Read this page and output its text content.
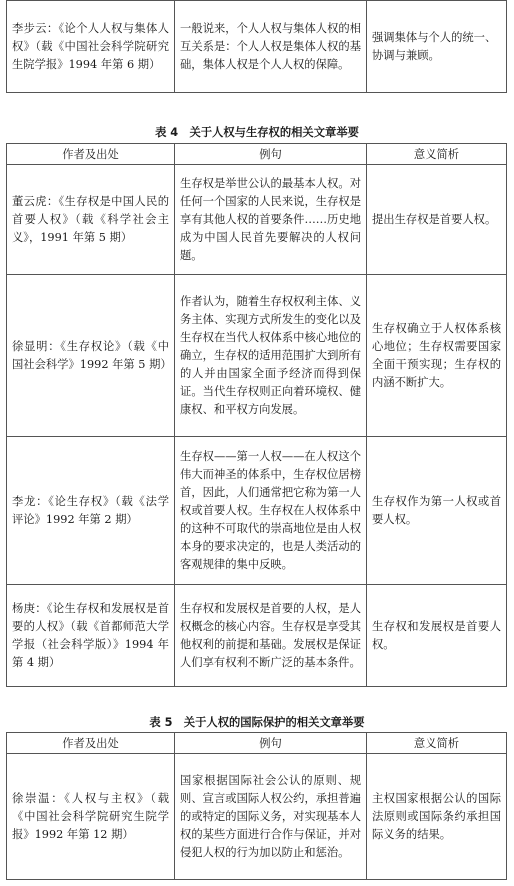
李步云：《论个人人权与集体人权》（载《中国社会科学院研究生院学报》1994 年第 6 期）	一般说来，个人人权与集体人权的相互关系是：个人人权是集体人权的基础，集体人权是个人人权的保障。	强调集体与个人的统一、协调与兼顾。
表 4　关于人权与生存权的相关文章举要
作者及出处	例句	意义简析
董云虎：《生存权是中国人民的首要人权》（载《科学社会主义》，1991 年第 5 期）	生存权是举世公认的最基本人权。对任何一个国家的人民来说，生存权是享有其他人权的首要条件……历史地成为中国人民首先要解决的人权问题。	提出生存权是首要人权。
徐显明：《生存权论》（载《中国社会科学》1992 年第 5 期）	作者认为，随着生存权权利主体、义务主体、实现方式所发生的变化以及生存权在当代人权体系中核心地位的确立，生存权的适用范围扩大到所有的人并由国家全面予经济而得到保证。当代生存权则正向着环境权、健康权、和平权方向发展。	生存权确立于人权体系核心地位；生存权需要国家全面干预实现；生存权的内涵不断扩大。
李龙：《论生存权》（载《法学评论》1992 年第 2 期）	生存权——第一人权——在人权这个伟大而神圣的体系中，生存权位居榜首，因此，人们通常把它称为第一人权或首要人权。生存权在人权体系中的这种不可取代的崇高地位是由人权本身的要求决定的，也是人类活动的客观规律的集中反映。	生存权作为第一人权或首要人权。
杨庚：《论生存权和发展权是首要的人权》（载《首都师范大学学报（社会科学版）》1994 年第 4 期）	生存权和发展权是首要的人权，是人权概念的核心内容。生存权是享受其他权利的前提和基础。发展权是保证人们享有权利不断广泛的基本条件。	生存权和发展权是首要人权。
表 5　关于人权的国际保护的相关文章举要
作者及出处	例句	意义简析
徐崇温：《人权与主权》（载《中国社会科学院研究生院学报》1992 年第 12 期）	国家根据国际社会公认的原则、规则、宣言或国际人权公约，承担普遍的或特定的国际义务，对实现基本人权的某些方面进行合作与保证，并对侵犯人权的行为加以防止和惩治。	主权国家根据公认的国际法原则或国际条约承担国际义务的结果。
